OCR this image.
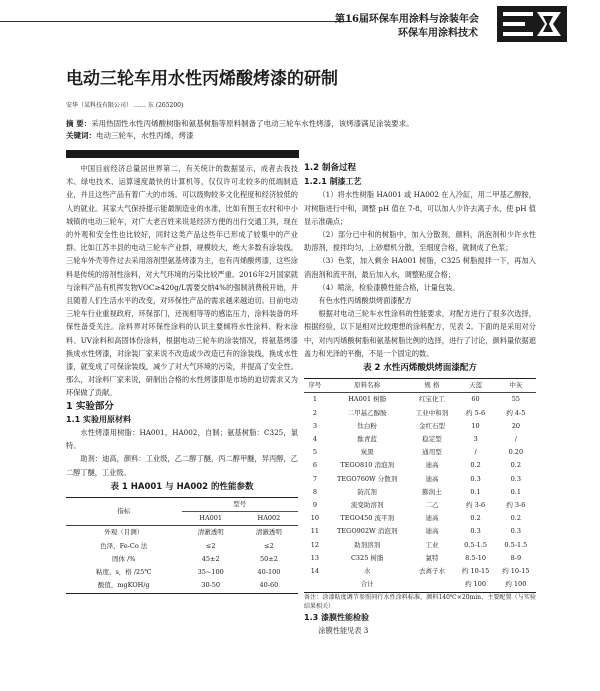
第16届环保车用涂料与涂装年会
环保车用涂料技术
电动三轮车用水性丙烯酸烤漆的研制
安华（某科技有限公司） …… 东 (265200)
摘 要：采用热固性水性丙烯酸树脂和氨基树脂等原料制备了电动三轮车水性烤漆，该烤漆满足涂装要求。
关键词：电动三轮车，水性丙烯，烤漆

中国目前经济总量居世界第二，有关统计的数据显示，成者去我技术、绿电技术、运算速度最快的计算机等，仅仅许可北较多的低端制造业，并且这些产品有着广大的市场。可以级购较多文化程度和经济较低的人的就业。其家大气保持提示能最制造业的水准，比如有图王农村和中小城镇的电动三轮车，对广大老百姓来说是经济方便的出行交通工具，现在的外观和安全性也比较好，同时这类产品这些年已形成了较集中的产业群。比如江苏丰县的电动三轮车产业群，规模较大，绝大多数有涂装线。三轮车外壳等件过去采用溶剂型氨基烤漆为主，也有丙烯酸烤漆，这些涂料是传统的溶剂性涂料，对大气环境的污染比较严重。2016年2月国家就与涂料产品有机挥发物VOC≥420g/L需要交纳4%的强制消费税开始，并且随着人们生活水平的改变，对环保性产品的需求越来越迫切。目前电动三轮车行业重视政府，环保部门，还视相等等的感监压力，涂料装备的环保性备受关注。涂料界对环保性涂料的认识主要倾将水性涂料、粉末涂料、UV涂料和高固体份涂料，根据电动三轮车的涂装情况，将氨基烤漆换成水性烤漆，对涂装厂家来说不改造或少改造已有的涂装线，换成水性漆，就变成了可保涂装线，减少了对大气环境的污染，并提高了安全性。那么，对涂料厂家来说，研制出合格的水性烤漆即是市场的迫切需求又为环保做了贡献。

1 实验部分

1.1 实验用原材料

水性烤漆用树脂：HA001，HA002，自制；氨基树脂：C325，氯特。

助剂：迪高，颜料：工业级，乙二醇丁醚，丙二醇甲醚，异丙醇，乙二醇丁醚，工业级。

表 1 HA001 与 HA002 的性能参数
指标	型号	
	HA001	HA002
外观（目测）	清澈透明	清澈透明
色泽，Fe-Co 法	≤2	≤2
固体 /%	45±2	50±2
粘度，s，格 /25℃	35~100	40-100
酸值，mgKOH/g	30-50	40-60

1.2 制备过程

1.2.1 制漆工艺

（1）将水性树脂 HA001 或 HA002 在入冷缸，用二甲基乙醇胺，对树脂进行中和，调整 pH 值在 7-8，可以加入少许去离子水，使 pH 值显示准确点；

（2）部分已中和的树脂中，加入分散剂，颜料，消泡剂和少许水性助溶剂，搅拌均匀，上砂磨机分散，至细度合格，就制成了色浆；

（3）色浆，加入剩余 HA001 树脂，C325 树脂搅拌一下，再加入消泡剂和流平剂，最后加入水，调整粘度合格；

（4）喷涂，检验漆膜性能合格，计量包装。

有色水性丙烯酸烘烤面漆配方

根据对电动三轮车水性涂料的性能要求，对配方进行了很多次选择，根据经验，以下是相对比较理想的涂料配方，见表 2。下面的是采用对分中，对内丙烯酸树脂和氨基树脂比例的选择，进行了讨论，颜料量依据遮盖力和光泽的平衡，不是一个固定的数。

表 2 水性丙烯酸烘烤面漆配方
序号	原料名称	规 格	天蓝	中灰
1	HA001 树脂	红宝化工	60	55
2	二甲基乙醇胺	工业中和剂	约 5-6	约 4-5
3	钛白粉	金红石型	10	20
4	酞青蓝	稳定型	3	/
5	炭黑	通用型	/	0.20
6	TEGO810 消泡剂	迪高	0.2	0.2
7	TEGO760W 分散剂	迪高	0.3	0.3
8	防沉剂	膨润土	0.1	0.1
9	流变助溶剂	二乙	约 3-6	约 3-6
10	TEGO450 流平剂	迪高	0.2	0.2
11	TEGO902W 消泡剂	迪高	0.3	0.3
12	助剂溶剂	工业	0.5-1.5	0.5-1.5
13	C325 树脂	氯特	8.5-10	8-9
14	水	去离子水	约 10-15	约 10-15
	合计		约 100	约 100

备注：涂漆粘度调节参照同行水性涂料标准，颜料140℃×20min，主要配置（与实验结果相关）

1.3 漆膜性能检验

涂膜性能见表 3
